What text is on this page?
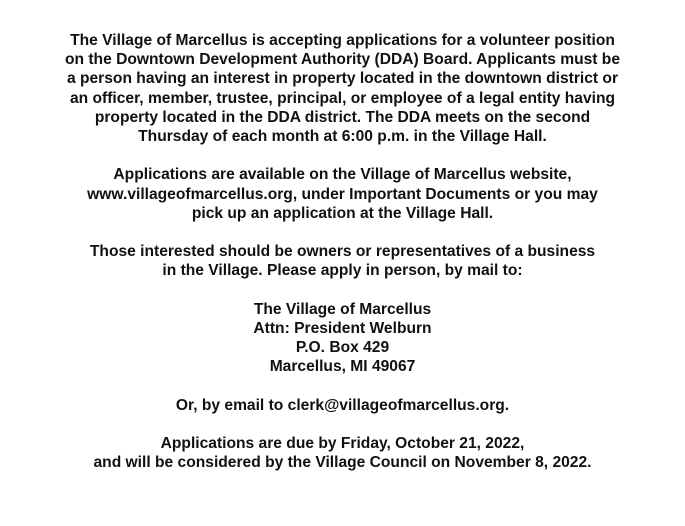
The Village of Marcellus is accepting applications for a volunteer position
on the Downtown Development Authority (DDA) Board. Applicants must be
a person having an interest in property located in the downtown district or
an officer, member, trustee, principal, or employee of a legal entity having
property located in the DDA district. The DDA meets on the second
Thursday of each month at 6:00 p.m. in the Village Hall.

Applications are available on the Village of Marcellus website,
www.villageofmarcellus.org, under Important Documents or you may
pick up an application at the Village Hall.

Those interested should be owners or representatives of a business
in the Village. Please apply in person, by mail to:

The Village of Marcellus
Attn: President Welburn
P.O. Box 429
Marcellus, MI 49067

Or, by email to clerk@villageofmarcellus.org.

Applications are due by Friday, October 21, 2022,
and will be considered by the Village Council on November 8, 2022.
